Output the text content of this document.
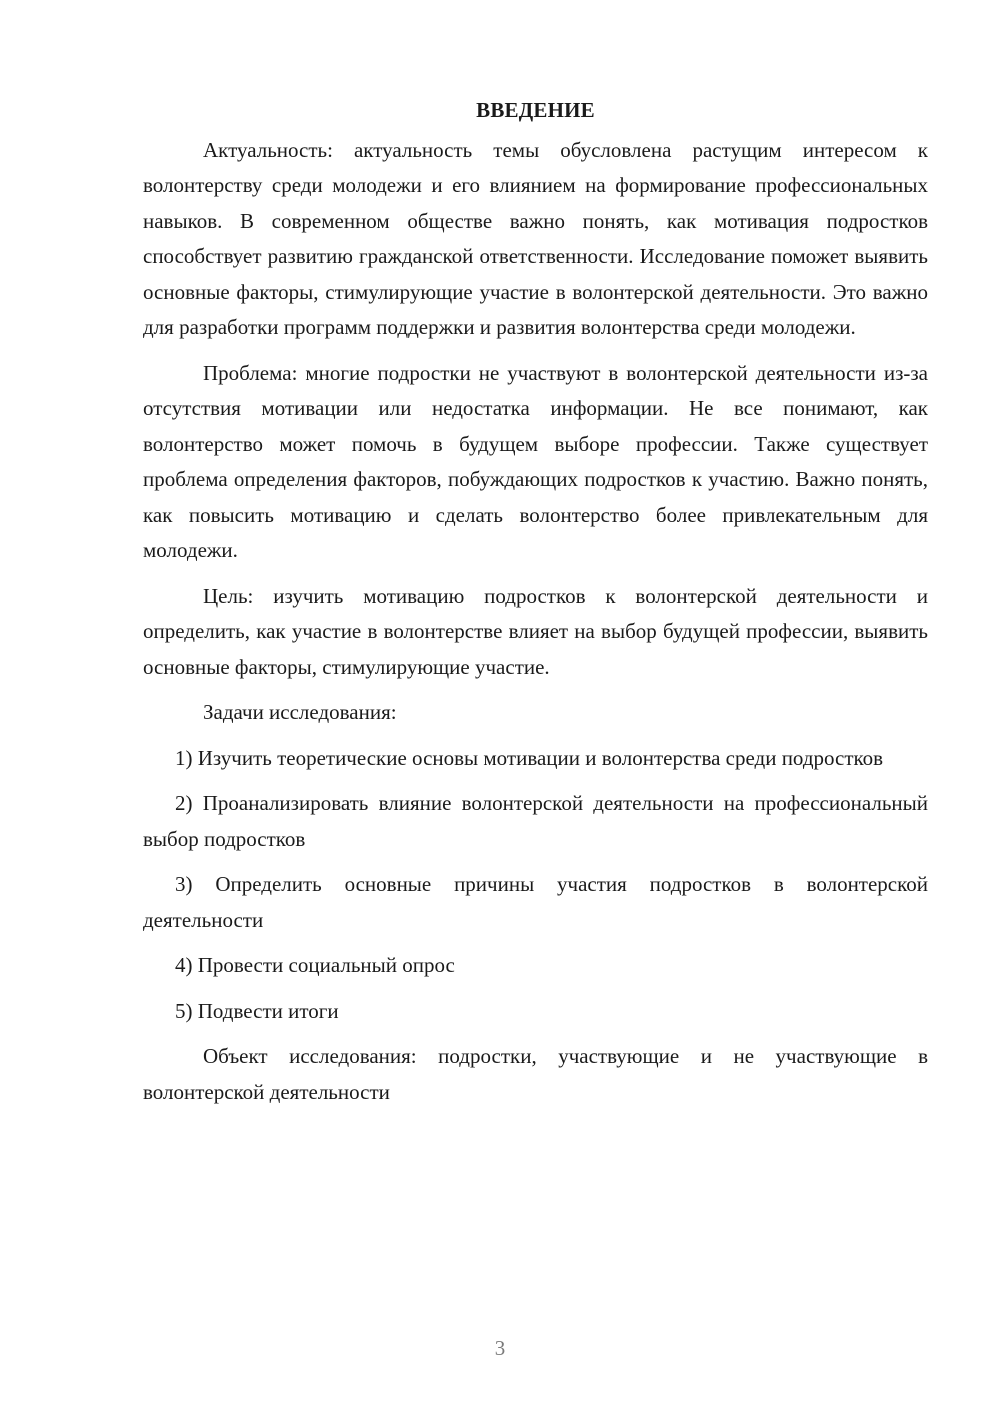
ВВЕДЕНИЕ

Актуальность: актуальность темы обусловлена растущим интересом к волонтерству среди молодежи и его влиянием на формирование профессиональных навыков. В современном обществе важно понять, как мотивация подростков способствует развитию гражданской ответственности. Исследование поможет выявить основные факторы, стимулирующие участие в волонтерской деятельности. Это важно для разработки программ поддержки и развития волонтерства среди молодежи.

Проблема: многие подростки не участвуют в волонтерской деятельности из-за отсутствия мотивации или недостатка информации. Не все понимают, как волонтерство может помочь в будущем выборе профессии. Также существует проблема определения факторов, побуждающих подростков к участию. Важно понять, как повысить мотивацию и сделать волонтерство более привлекательным для молодежи.

Цель: изучить мотивацию подростков к волонтерской деятельности и определить, как участие в волонтерстве влияет на выбор будущей профессии, выявить основные факторы, стимулирующие участие.

Задачи исследования:

1) Изучить теоретические основы мотивации и волонтерства среди подростков

2) Проанализировать влияние волонтерской деятельности на профессиональный выбор подростков

3) Определить основные причины участия подростков в волонтерской деятельности

4) Провести социальный опрос

5) Подвести итоги

Объект исследования: подростки, участвующие и не участвующие в волонтерской деятельности

3
